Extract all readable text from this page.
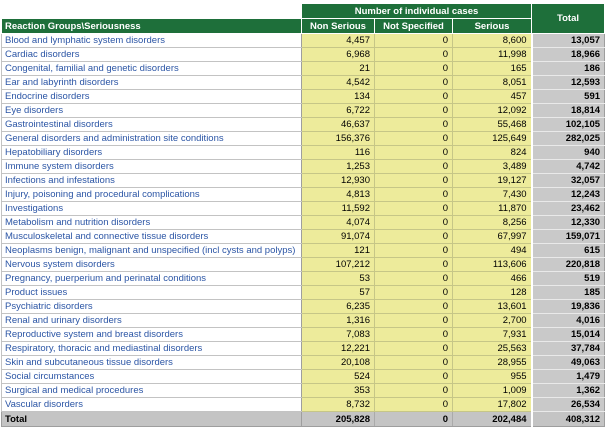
	Number of individual cases			Total
Reaction Groups\Seriousness	Non Serious	Not Specified	Serious	
Blood and lymphatic system disorders	4,457	0	8,600	13,057
Cardiac disorders	6,968	0	11,998	18,966
Congenital, familial and genetic disorders	21	0	165	186
Ear and labyrinth disorders	4,542	0	8,051	12,593
Endocrine disorders	134	0	457	591
Eye disorders	6,722	0	12,092	18,814
Gastrointestinal disorders	46,637	0	55,468	102,105
General disorders and administration site conditions	156,376	0	125,649	282,025
Hepatobiliary disorders	116	0	824	940
Immune system disorders	1,253	0	3,489	4,742
Infections and infestations	12,930	0	19,127	32,057
Injury, poisoning and procedural complications	4,813	0	7,430	12,243
Investigations	11,592	0	11,870	23,462
Metabolism and nutrition disorders	4,074	0	8,256	12,330
Musculoskeletal and connective tissue disorders	91,074	0	67,997	159,071
Neoplasms benign, malignant and unspecified (incl cysts and polyps)	121	0	494	615
Nervous system disorders	107,212	0	113,606	220,818
Pregnancy, puerperium and perinatal conditions	53	0	466	519
Product issues	57	0	128	185
Psychiatric disorders	6,235	0	13,601	19,836
Renal and urinary disorders	1,316	0	2,700	4,016
Reproductive system and breast disorders	7,083	0	7,931	15,014
Respiratory, thoracic and mediastinal disorders	12,221	0	25,563	37,784
Skin and subcutaneous tissue disorders	20,108	0	28,955	49,063
Social circumstances	524	0	955	1,479
Surgical and medical procedures	353	0	1,009	1,362
Vascular disorders	8,732	0	17,802	26,534
Total	205,828	0	202,484	408,312
